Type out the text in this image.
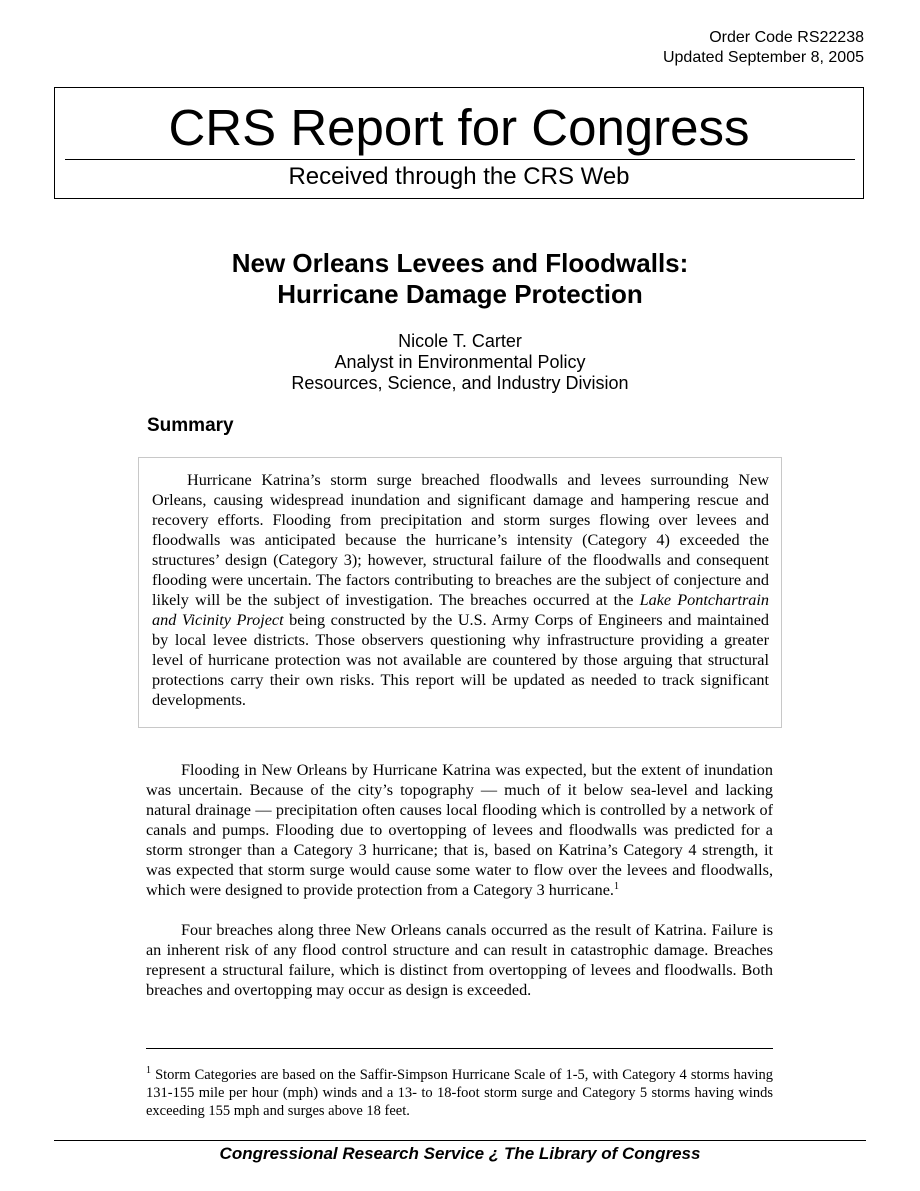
Order Code RS22238
Updated September 8, 2005
CRS Report for Congress
Received through the CRS Web
New Orleans Levees and Floodwalls:
Hurricane Damage Protection
Nicole T. Carter
Analyst in Environmental Policy
Resources, Science, and Industry Division
Summary

Hurricane Katrina’s storm surge breached floodwalls and levees surrounding New Orleans, causing widespread inundation and significant damage and hampering rescue and recovery efforts. Flooding from precipitation and storm surges flowing over levees and floodwalls was anticipated because the hurricane’s intensity (Category 4) exceeded the structures’ design (Category 3); however, structural failure of the floodwalls and consequent flooding were uncertain. The factors contributing to breaches are the subject of conjecture and likely will be the subject of investigation. The breaches occurred at the Lake Pontchartrain and Vicinity Project being constructed by the U.S. Army Corps of Engineers and maintained by local levee districts. Those observers questioning why infrastructure providing a greater level of hurricane protection was not available are countered by those arguing that structural protections carry their own risks. This report will be updated as needed to track significant developments.

Flooding in New Orleans by Hurricane Katrina was expected, but the extent of inundation was uncertain. Because of the city’s topography — much of it below sea-level and lacking natural drainage — precipitation often causes local flooding which is controlled by a network of canals and pumps. Flooding due to overtopping of levees and floodwalls was predicted for a storm stronger than a Category 3 hurricane; that is, based on Katrina’s Category 4 strength, it was expected that storm surge would cause some water to flow over the levees and floodwalls, which were designed to provide protection from a Category 3 hurricane.$^1$

Four breaches along three New Orleans canals occurred as the result of Katrina. Failure is an inherent risk of any flood control structure and can result in catastrophic damage. Breaches represent a structural failure, which is distinct from overtopping of levees and floodwalls. Both breaches and overtopping may occur as design is exceeded.

$^1$ Storm Categories are based on the Saffir-Simpson Hurricane Scale of 1-5, with Category 4 storms having 131-155 mile per hour (mph) winds and a 13- to 18-foot storm surge and Category 5 storms having winds exceeding 155 mph and surges above 18 feet.

Congressional Research Service ¿ The Library of Congress
